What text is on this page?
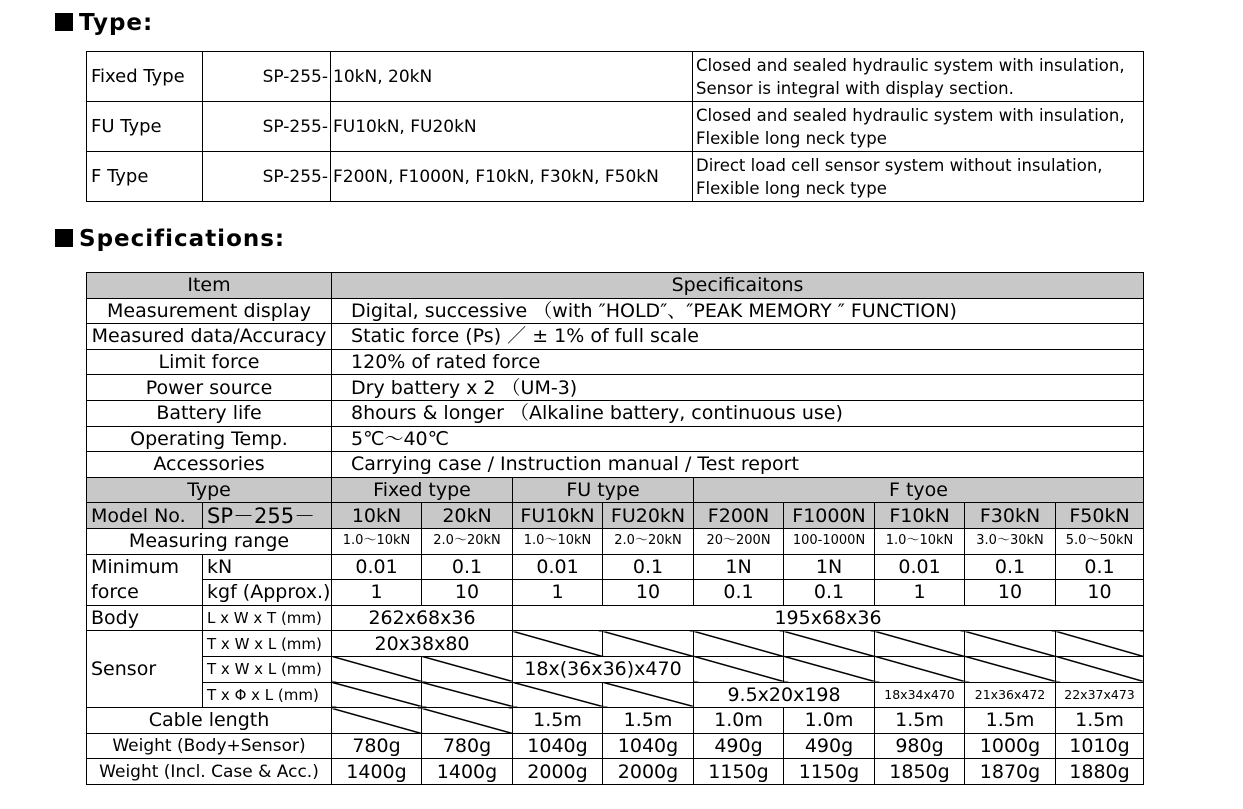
Type:
Fixed Type	SP-255-	10kN, 20kN	Closed and sealed hydraulic system with insulation, Sensor is integral with display section.
FU Type	SP-255-	FU10kN, FU20kN	Closed and sealed hydraulic system with insulation, Flexible long neck type
F Type	SP-255-	F200N, F1000N, F10kN, F30kN, F50kN	Direct load cell sensor system without insulation, Flexible long neck type
Specifications:
Item		Specificaitons								
Measurement display		Digital, successive （with ″HOLD″、″PEAK MEMORY ″ FUNCTION)								
Measured data/Accuracy		Static force (Ps) ／ ± 1% of full scale								
Limit force		120% of rated force								
Power source		Dry battery x 2 （UM-3)								
Battery life		8hours & longer （Alkaline battery, continuous use)								
Operating Temp.		5℃～40℃								
Accessories		Carrying case / Instruction manual / Test report								
Type		Fixed type		FU type		F tyoe				
Model No.	SP－255－	10kN	20kN	FU10kN	FU20kN	F200N	F1000N	F10kN	F30kN	F50kN
Measuring range		1.0～10kN	2.0～20kN	1.0～10kN	2.0～20kN	20～200N	100-1000N	1.0～10kN	3.0～30kN	5.0～50kN
Minimum	kN	0.01	0.1	0.01	0.1	1N	1N	0.01	0.1	0.1
force	kgf (Approx.)	1	10	1	10	0.1	0.1	1	10	10
Body	L x W x T (mm)	262x68x36		195x68x36						
Sensor	T x W x L (mm)	20x38x80								
	T x W x L (mm)			18x(36x36)x470						
	T x Φ x L (mm)					9.5x20x198		18x34x470	21x36x472	22x37x473
Cable length				1.5m	1.5m	1.0m	1.0m	1.5m	1.5m	1.5m
Weight (Body+Sensor)		780g	780g	1040g	1040g	490g	490g	980g	1000g	1010g
Weight (Incl. Case & Acc.)		1400g	1400g	2000g	2000g	1150g	1150g	1850g	1870g	1880g
